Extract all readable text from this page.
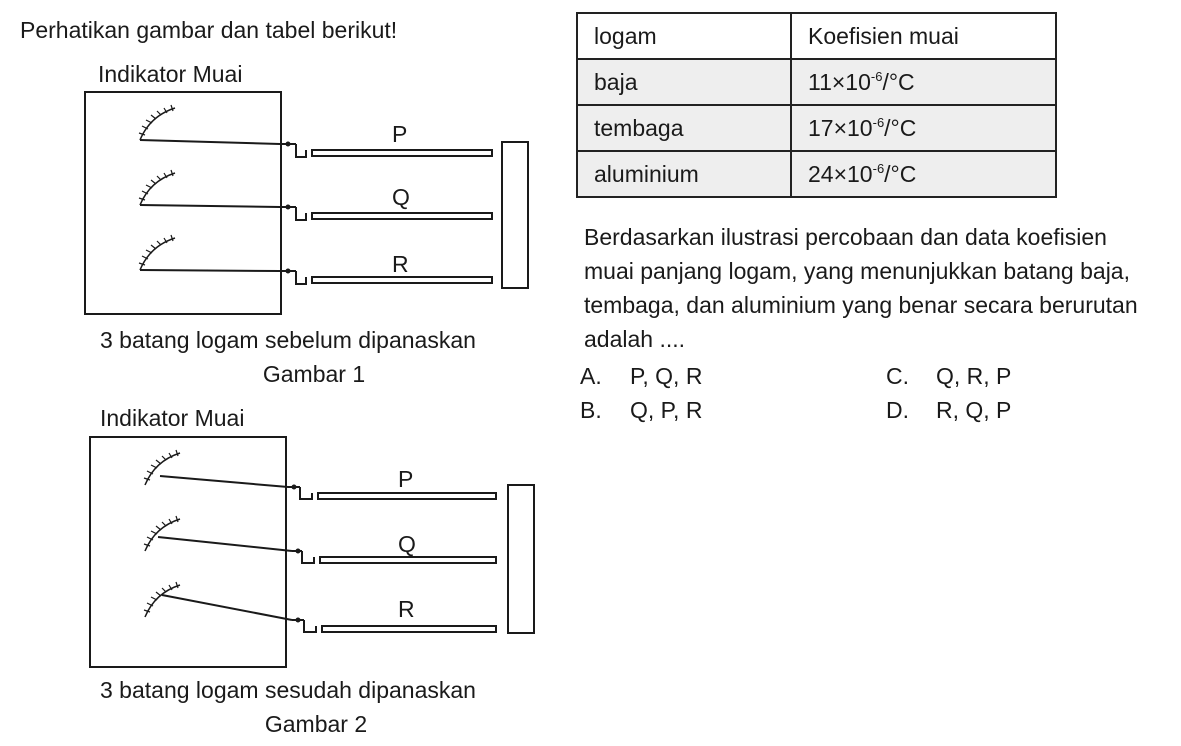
Perhatikan gambar dan tabel berikut!
Indikator Muai
P
Q
R
3 batang logam sebelum dipanaskan
Gambar 1
Indikator Muai
P
Q
R
3 batang logam sesudah dipanaskan
Gambar 2
logam	Koefisien muai
baja	$11\times 10^{-6}/^\circ C$
tembaga	$17\times 10^{-6}/^\circ C$
aluminium	$24\times 10^{-6}/^\circ C$
Berdasarkan ilustrasi percobaan dan data koefisien muai panjang logam, yang menunjukkan batang baja, tembaga, dan aluminium yang benar secara berurutan adalah ....
A. P, Q, R
B. Q, P, R
C. Q, R, P
D. R, Q, P
